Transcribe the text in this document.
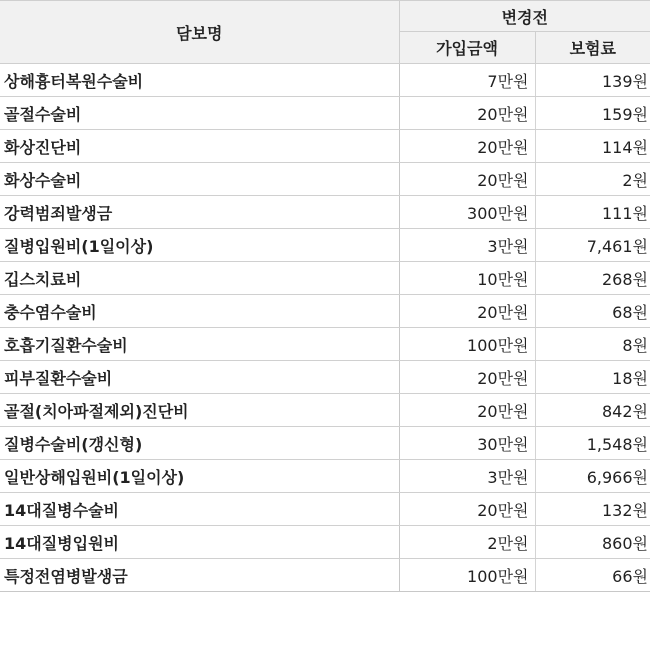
담보명	변경전	
	가입금액	보험료
상해흉터복원수술비	7만원	139원
골절수술비	20만원	159원
화상진단비	20만원	114원
화상수술비	20만원	2원
강력범죄발생금	300만원	111원
질병입원비(1일이상)	3만원	7,461원
깁스치료비	10만원	268원
충수염수술비	20만원	68원
호흡기질환수술비	100만원	8원
피부질환수술비	20만원	18원
골절(치아파절제외)진단비	20만원	842원
질병수술비(갱신형)	30만원	1,548원
일반상해입원비(1일이상)	3만원	6,966원
14대질병수술비	20만원	132원
14대질병입원비	2만원	860원
특정전염병발생금	100만원	66원
